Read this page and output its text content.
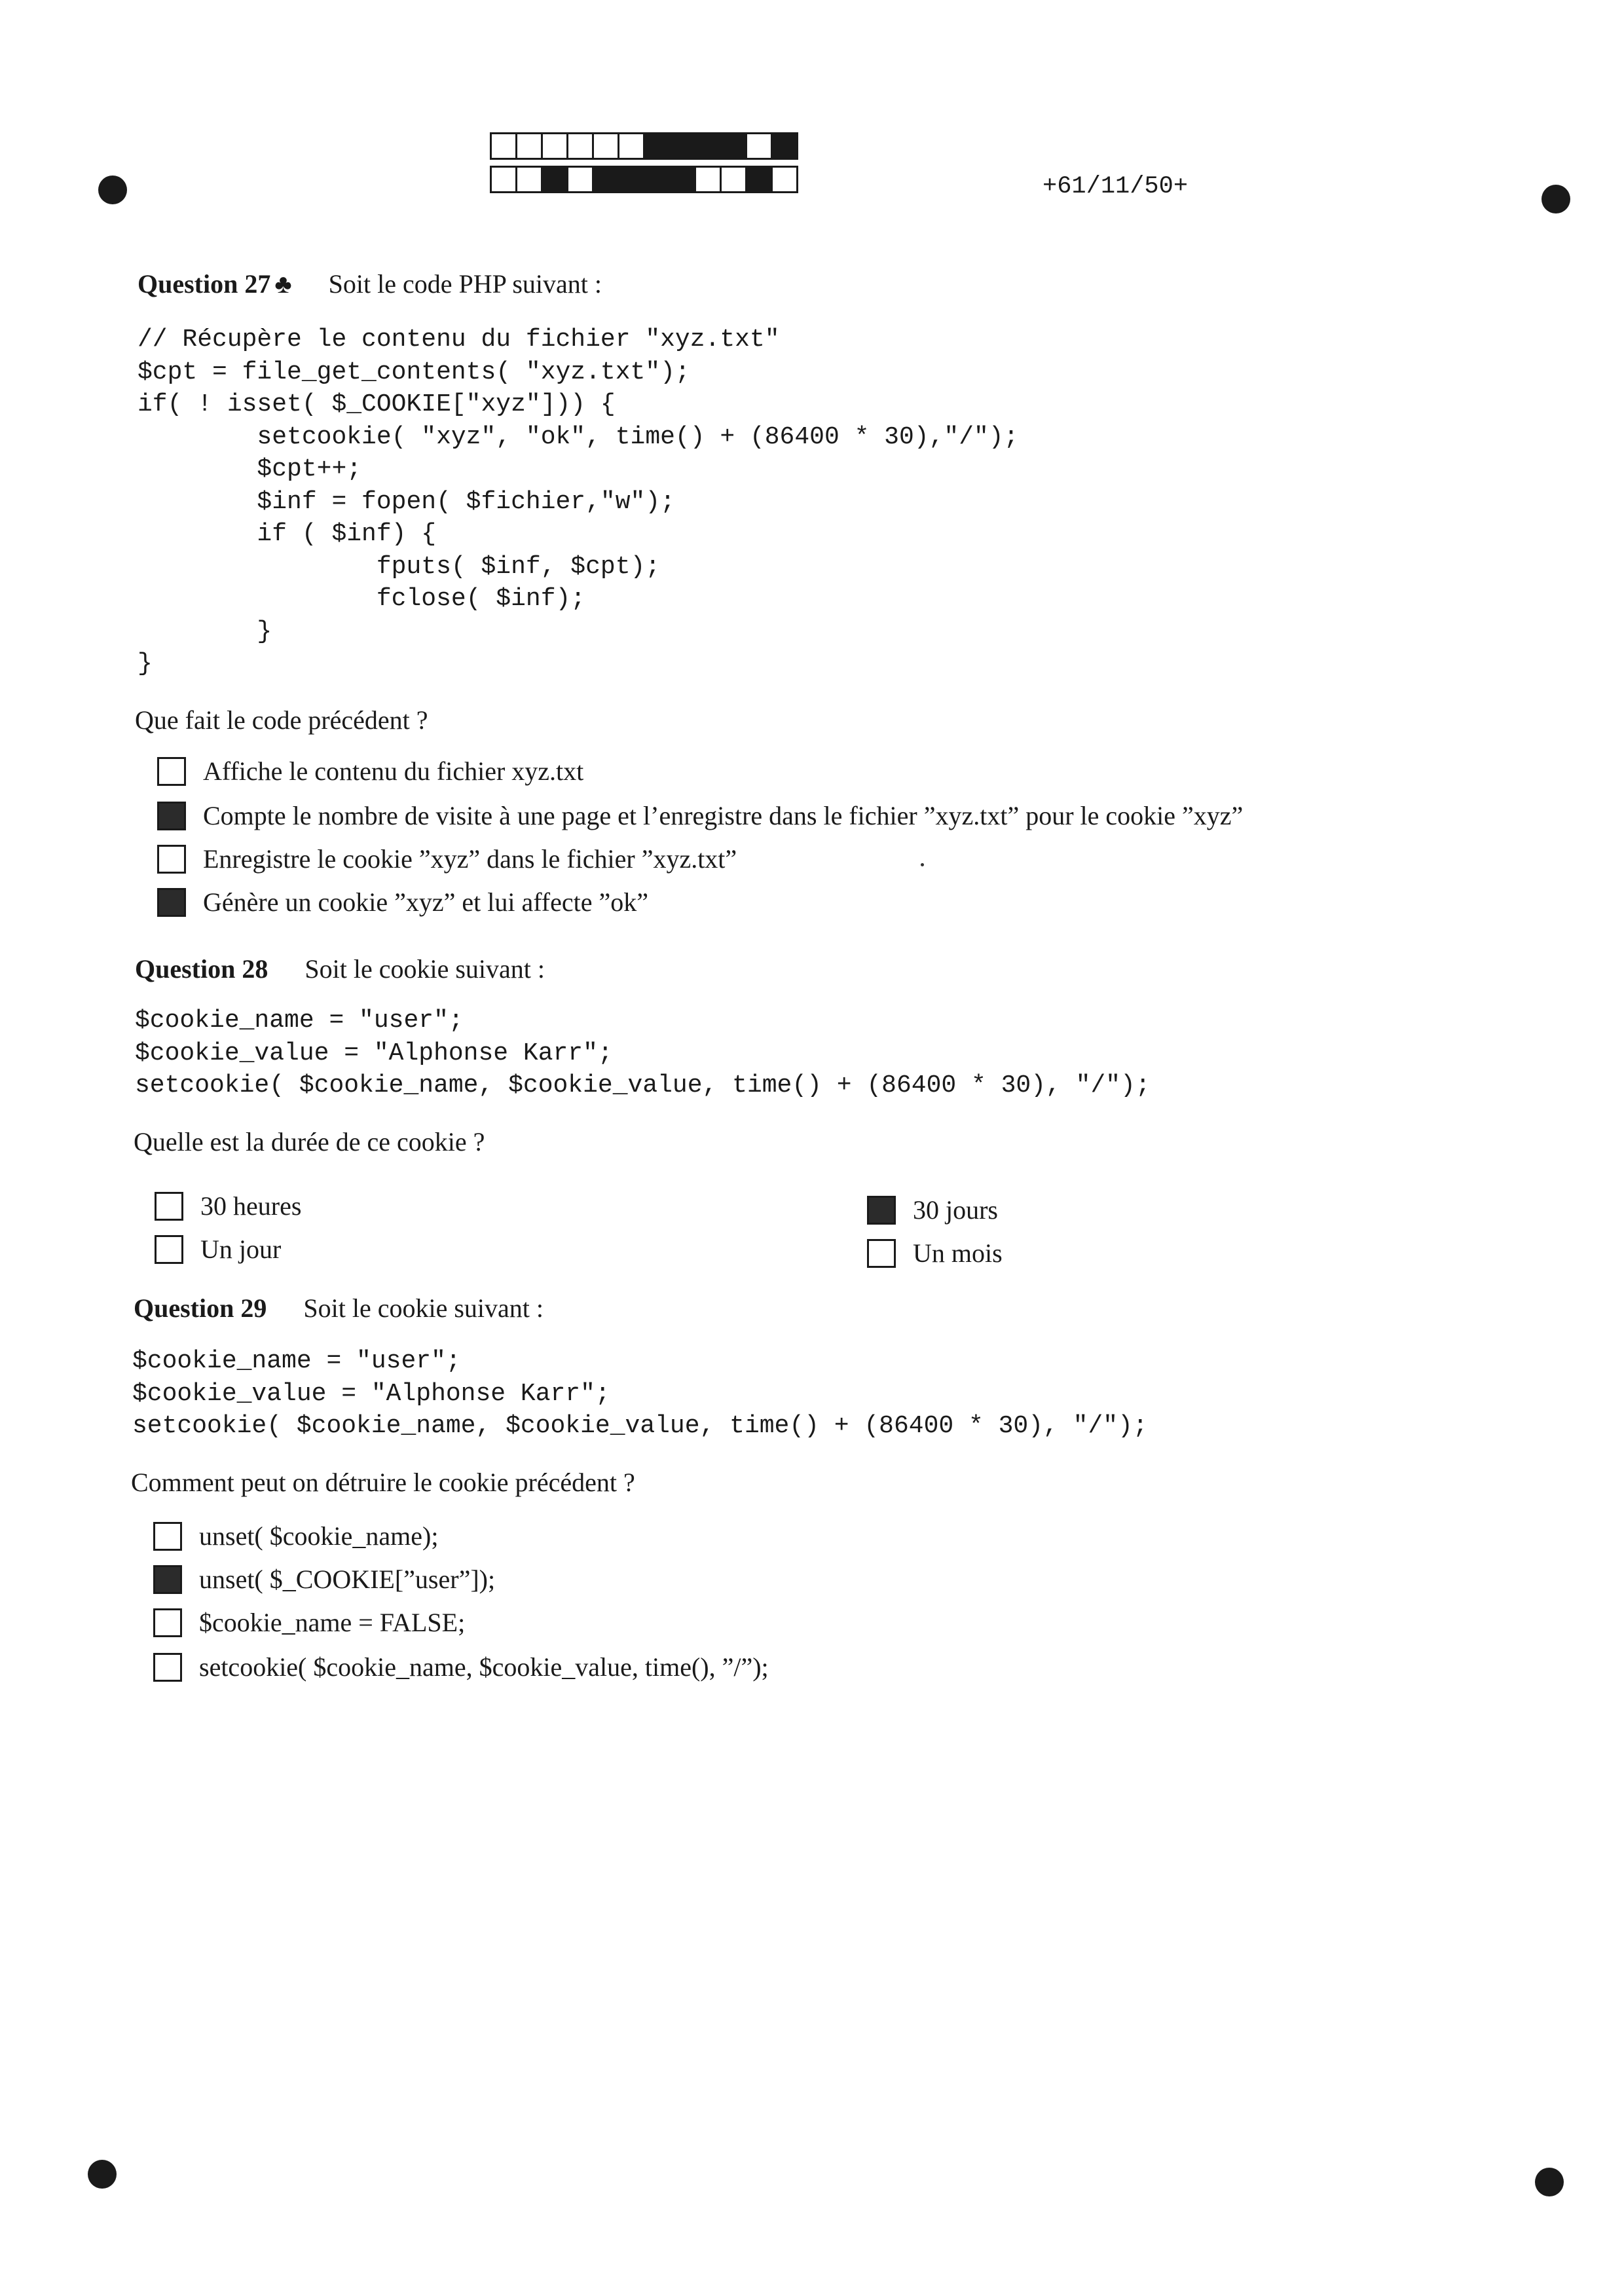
+61/11/50+
Question 27 ♣ Soit le code PHP suivant :
// Récupère le contenu du fichier "xyz.txt"
$cpt = file_get_contents( "xyz.txt");
if( ! isset( $_COOKIE["xyz"])) {
setcookie( "xyz", "ok", time() + (86400 * 30),"/");
$cpt++;
$inf = fopen( $fichier,"w");
if ( $inf) {
fputs( $inf, $cpt);
fclose( $inf);
}
}
Que fait le code précédent ?
Affiche le contenu du fichier xyz.txt
Compte le nombre de visite à une page et l’enregistre dans le fichier ”xyz.txt” pour le cookie ”xyz”
Enregistre le cookie ”xyz” dans le fichier ”xyz.txt”
Génère un cookie ”xyz” et lui affecte ”ok”
Question 28 Soit le cookie suivant :
$cookie_name = "user";
$cookie_value = "Alphonse Karr";
setcookie( $cookie_name, $cookie_value, time() + (86400 * 30), "/");
Quelle est la durée de ce cookie ?
30 heures
Un jour
30 jours
Un mois
Question 29 Soit le cookie suivant :
$cookie_name = "user";
$cookie_value = "Alphonse Karr";
setcookie( $cookie_name, $cookie_value, time() + (86400 * 30), "/");
Comment peut on détruire le cookie précédent ?
unset( $cookie_name);
unset( $_COOKIE[”user”]);
$cookie_name = FALSE;
setcookie( $cookie_name, $cookie_value, time(), ”/”);
